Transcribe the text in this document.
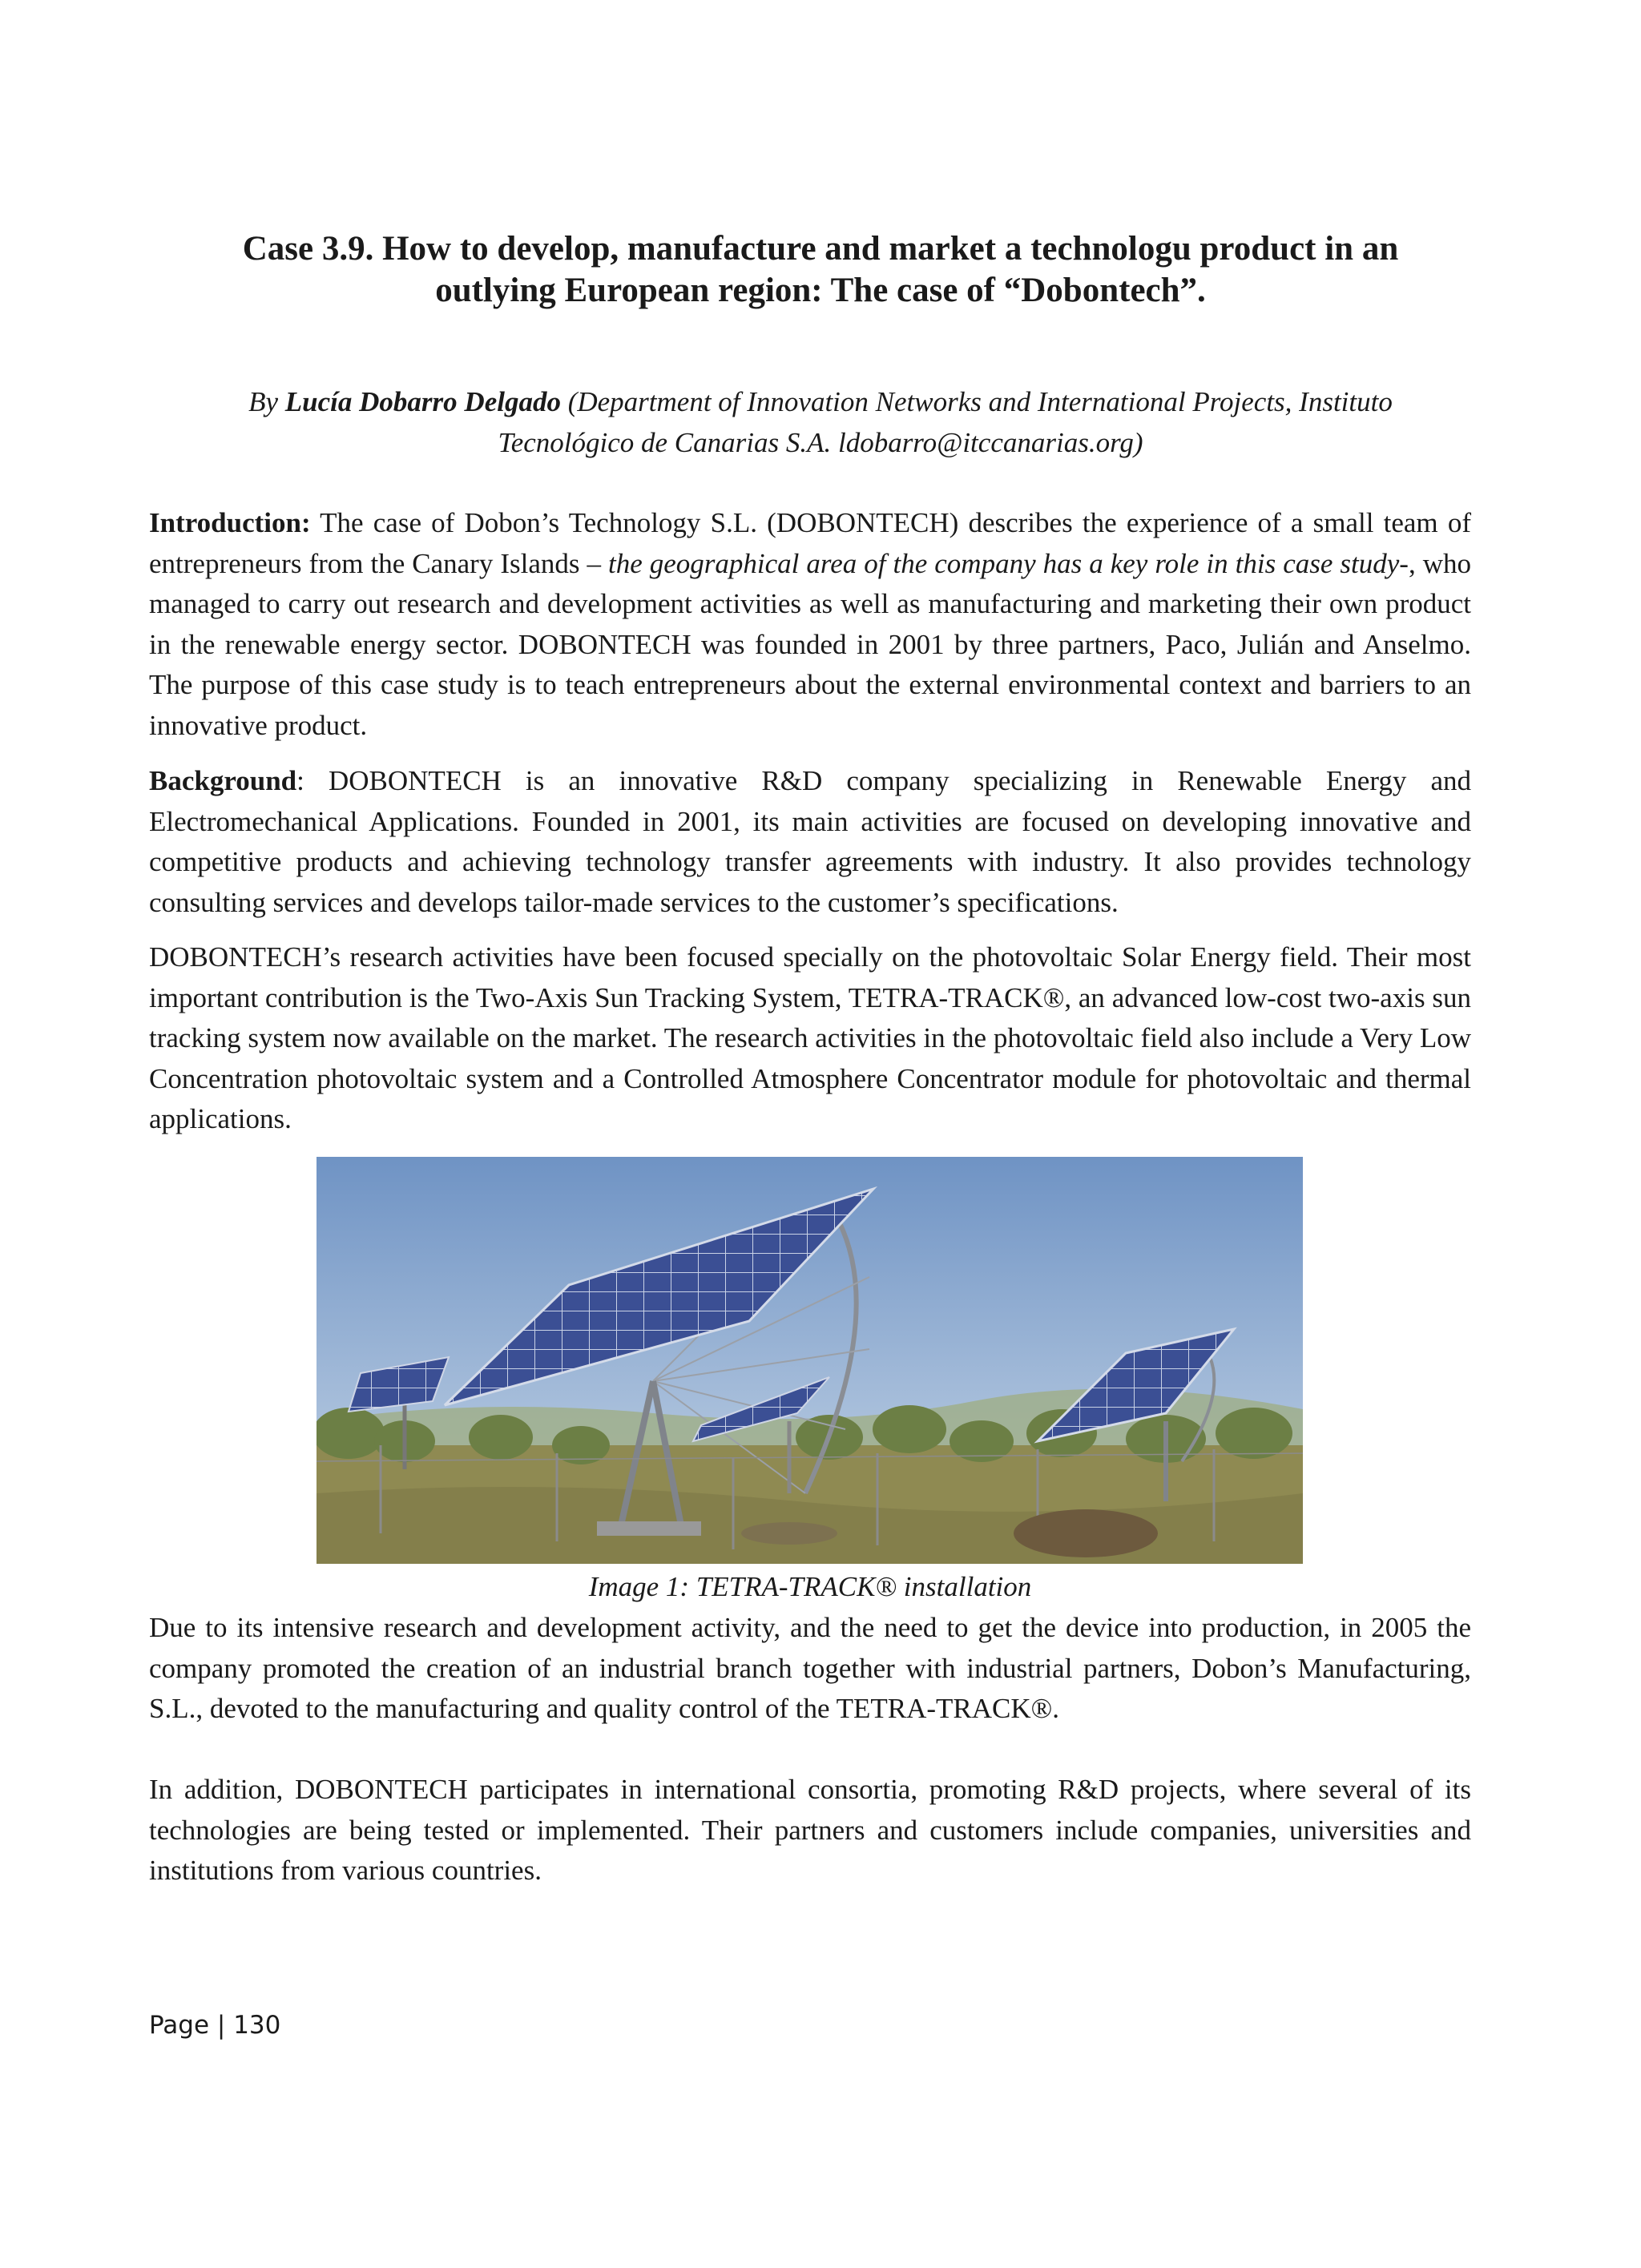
Case 3.9. How to develop, manufacture and market a technologu product in an
outlying European region: The case of “Dobontech”.

By Lucía Dobarro Delgado (Department of Innovation Networks and International Projects, Instituto
Tecnológico de Canarias S.A. ldobarro@itccanarias.org)

Introduction: The case of Dobon’s Technology S.L. (DOBONTECH) describes the experience of a small team of entrepreneurs from the Canary Islands – the geographical area of the company has a key role in this case study-, who managed to carry out research and development activities as well as manufacturing and marketing their own product in the renewable energy sector. DOBONTECH was founded in 2001 by three partners, Paco, Julián and Anselmo. The purpose of this case study is to teach entrepreneurs about the external environmental context and barriers to an innovative product.

Background: DOBONTECH is an innovative R&D company specializing in Renewable Energy and Electromechanical Applications. Founded in 2001, its main activities are focused on developing innovative and competitive products and achieving technology transfer agreements with industry. It also provides technology consulting services and develops tailor-made services to the customer’s specifications.

DOBONTECH’s research activities have been focused specially on the photovoltaic Solar Energy field. Their most important contribution is the Two-Axis Sun Tracking System, TETRA-TRACK®, an advanced low-cost two-axis sun tracking system now available on the market. The research activities in the photovoltaic field also include a Very Low Concentration photovoltaic system and a Controlled Atmosphere Concentrator module for photovoltaic and thermal applications.

Image 1: TETRA-TRACK® installation

Due to its intensive research and development activity, and the need to get the device into production, in 2005 the company promoted the creation of an industrial branch together with industrial partners, Dobon’s Manufacturing, S.L., devoted to the manufacturing and quality control of the TETRA-TRACK®.

In addition, DOBONTECH participates in international consortia, promoting R&D projects, where several of its technologies are being tested or implemented. Their partners and customers include companies, universities and institutions from various countries.

Page | 130
